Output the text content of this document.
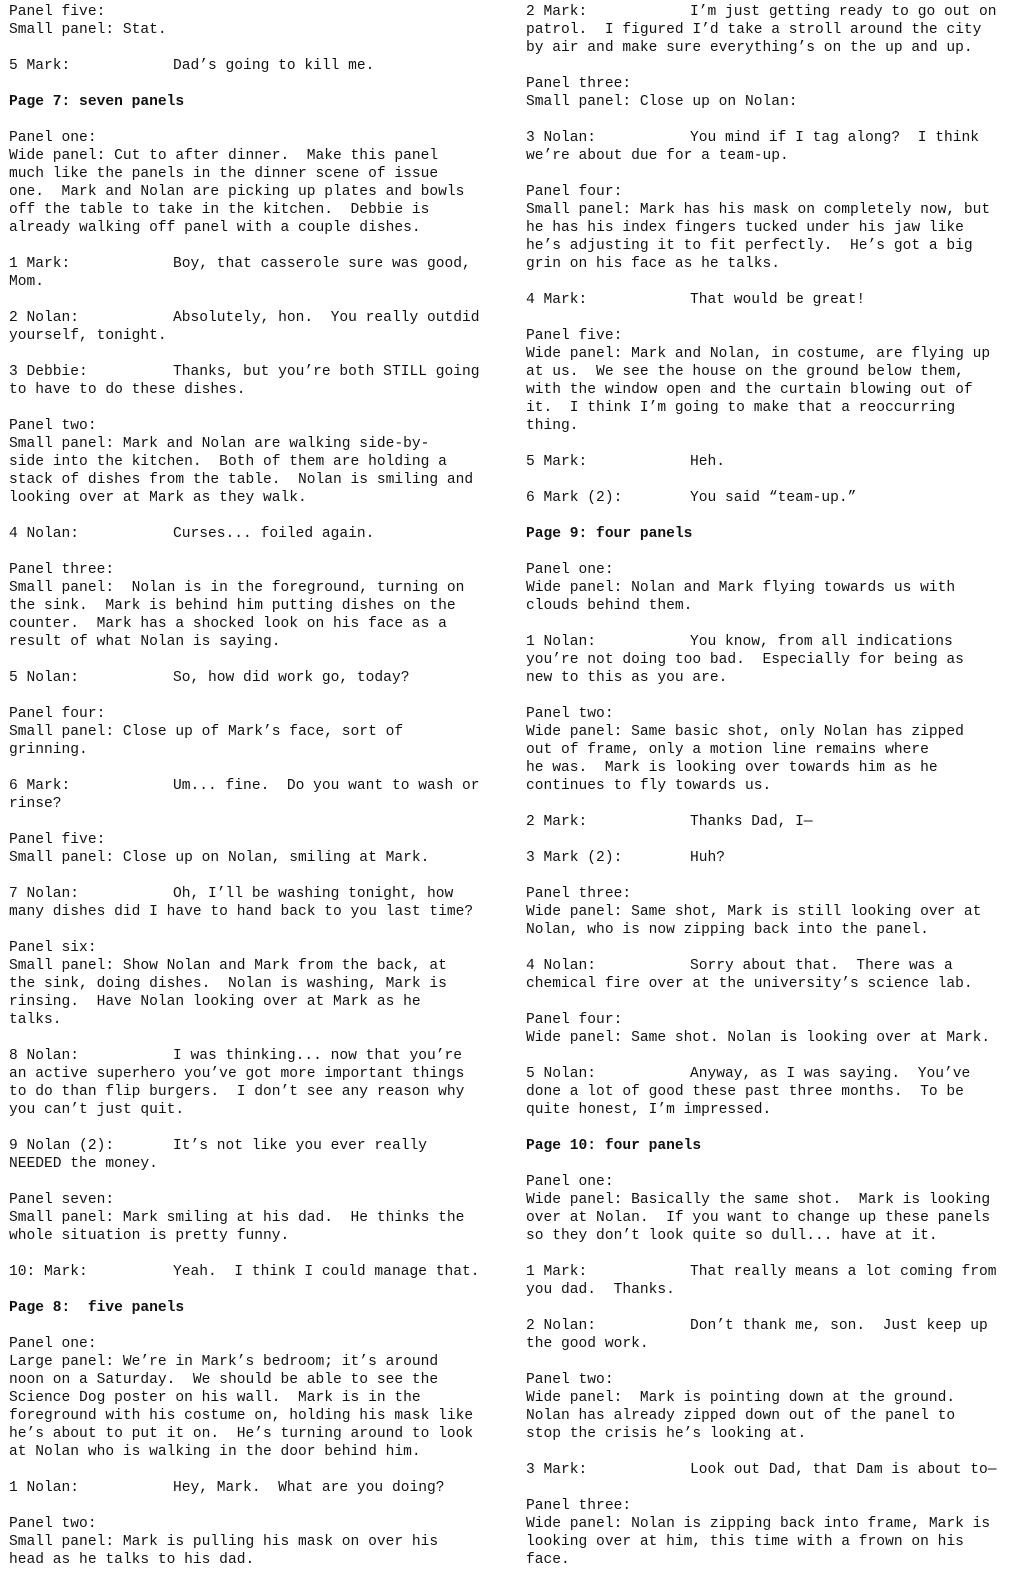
Panel five:
Small panel: Stat.
5 Mark:	Dad’s going to kill me.
Page 7: seven panels
Panel one:
Wide panel: Cut to after dinner.  Make this panel
much like the panels in the dinner scene of issue
one.  Mark and Nolan are picking up plates and bowls
off the table to take in the kitchen.  Debbie is
already walking off panel with a couple dishes.
1 Mark:	Boy, that casserole sure was good,
Mom.
2 Nolan:	Absolutely, hon.  You really outdid
yourself, tonight.
3 Debbie:	Thanks, but you’re both STILL going
to have to do these dishes.
Panel two:
Small panel: Mark and Nolan are walking side-by-
side into the kitchen.  Both of them are holding a
stack of dishes from the table.  Nolan is smiling and
looking over at Mark as they walk.
4 Nolan:	Curses... foiled again.
Panel three:
Small panel:  Nolan is in the foreground, turning on
the sink.  Mark is behind him putting dishes on the
counter.  Mark has a shocked look on his face as a
result of what Nolan is saying.
5 Nolan:	So, how did work go, today?
Panel four:
Small panel: Close up of Mark’s face, sort of
grinning.
6 Mark:	Um... fine.  Do you want to wash or
rinse?
Panel five:
Small panel: Close up on Nolan, smiling at Mark.
7 Nolan:	Oh, I’ll be washing tonight, how
many dishes did I have to hand back to you last time?
Panel six:
Small panel: Show Nolan and Mark from the back, at
the sink, doing dishes.  Nolan is washing, Mark is
rinsing.  Have Nolan looking over at Mark as he
talks.
8 Nolan:	I was thinking... now that you’re
an active superhero you’ve got more important things
to do than flip burgers.  I don’t see any reason why
you can’t just quit.
9 Nolan (2):	It’s not like you ever really
NEEDED the money.
Panel seven:
Small panel: Mark smiling at his dad.  He thinks the
whole situation is pretty funny.
10: Mark:	Yeah.  I think I could manage that.
Page 8:  five panels
Panel one:
Large panel: We’re in Mark’s bedroom; it’s around
noon on a Saturday.  We should be able to see the
Science Dog poster on his wall.  Mark is in the
foreground with his costume on, holding his mask like
he’s about to put it on.  He’s turning around to look
at Nolan who is walking in the door behind him.
1 Nolan:	Hey, Mark.  What are you doing?
Panel two:
Small panel: Mark is pulling his mask on over his
head as he talks to his dad.
2 Mark:	I’m just getting ready to go out on
patrol.  I figured I’d take a stroll around the city
by air and make sure everything’s on the up and up.
Panel three:
Small panel: Close up on Nolan:
3 Nolan:	You mind if I tag along?  I think
we’re about due for a team-up.
Panel four:
Small panel: Mark has his mask on completely now, but
he has his index fingers tucked under his jaw like
he’s adjusting it to fit perfectly.  He’s got a big
grin on his face as he talks.
4 Mark:	That would be great!
Panel five:
Wide panel: Mark and Nolan, in costume, are flying up
at us.  We see the house on the ground below them,
with the window open and the curtain blowing out of
it.  I think I’m going to make that a reoccurring
thing.
5 Mark:	Heh.
6 Mark (2):	You said “team-up.”
Page 9: four panels
Panel one:
Wide panel: Nolan and Mark flying towards us with
clouds behind them.
1 Nolan:	You know, from all indications
you’re not doing too bad.  Especially for being as
new to this as you are.
Panel two:
Wide panel: Same basic shot, only Nolan has zipped
out of frame, only a motion line remains where
he was.  Mark is looking over towards him as he
continues to fly towards us.
2 Mark:	Thanks Dad, I—
3 Mark (2):	Huh?
Panel three:
Wide panel: Same shot, Mark is still looking over at
Nolan, who is now zipping back into the panel.
4 Nolan:	Sorry about that.  There was a
chemical fire over at the university’s science lab.
Panel four:
Wide panel: Same shot. Nolan is looking over at Mark.
5 Nolan:	Anyway, as I was saying.  You’ve
done a lot of good these past three months.  To be
quite honest, I’m impressed.
Page 10: four panels
Panel one:
Wide panel: Basically the same shot.  Mark is looking
over at Nolan.  If you want to change up these panels
so they don’t look quite so dull... have at it.
1 Mark:	That really means a lot coming from
you dad.  Thanks.
2 Nolan:	Don’t thank me, son.  Just keep up
the good work.
Panel two:
Wide panel:  Mark is pointing down at the ground.
Nolan has already zipped down out of the panel to
stop the crisis he’s looking at.
3 Mark:	Look out Dad, that Dam is about to—
Panel three:
Wide panel: Nolan is zipping back into frame, Mark is
looking over at him, this time with a frown on his
face.
